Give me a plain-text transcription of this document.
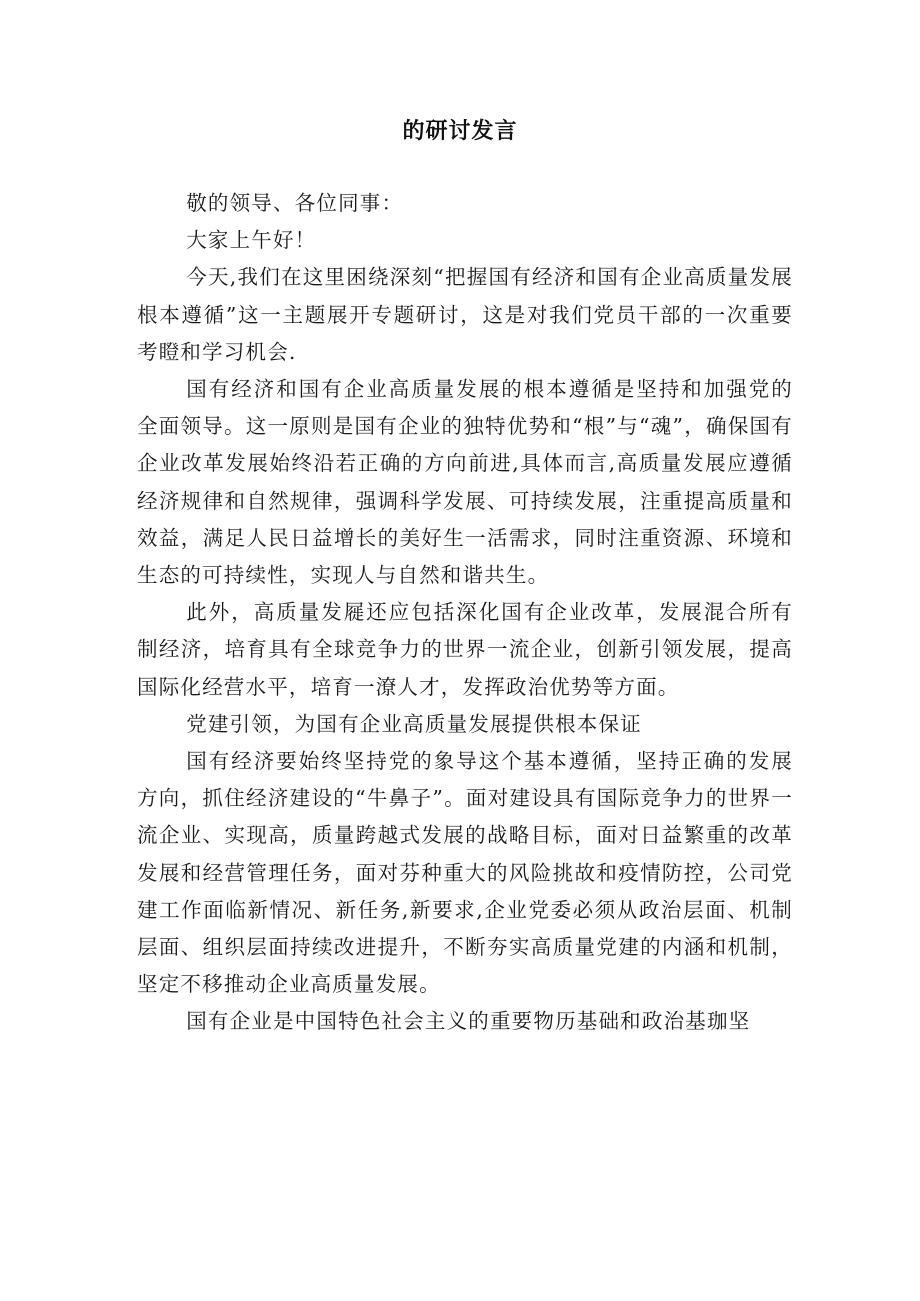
的研讨发言

敬的领导、各位同事：

大家上午好！

今天,我们在这里困绕深刻“把握国有经济和国有企业高质量发展根本遵循”这一主题展开专题研讨，这是对我们党员干部的一次重要考瞪和学习机会.

国有经济和国有企业高质量发展的根本遵循是坚持和加强党的全面领导。这一原则是国有企业的独特优势和“根”与“魂”，确保国有企业改革发展始终沿若正确的方向前进,具体而言,高质量发展应遵循经济规律和自然规律，强调科学发展、可持续发展，注重提高质量和效益，满足人民日益增长的美好生一活需求，同时注重资源、环境和生态的可持续性，实现人与自然和谐共生。

此外，高质量发屣还应包括深化国有企业改革，发展混合所有制经济，培育具有全球竞争力的世界一流企业，创新引领发展，提高国际化经营水平，培育一潦人才，发挥政治优势等方面。

党建引领，为国有企业高质量发展提供根本保证

国有经济要始终坚持党的象导这个基本遵循，坚持正确的发展方向，抓住经济建设的“牛鼻子”。面对建设具有国际竞争力的世界一流企业、实现高，质量跨越式发展的战略目标，面对日益繁重的改革发展和经营管理任务，面对芬种重大的风险挑故和疫情防控，公司党建工作面临新情况、新任务,新要求,企业党委必须从政治层面、机制层面、组织层面持续改进提升，不断夯实高质量党建的内涵和机制，坚定不移推动企业高质量发展。

国有企业是中国特色社会主义的重要物历基础和政治基珈坚
